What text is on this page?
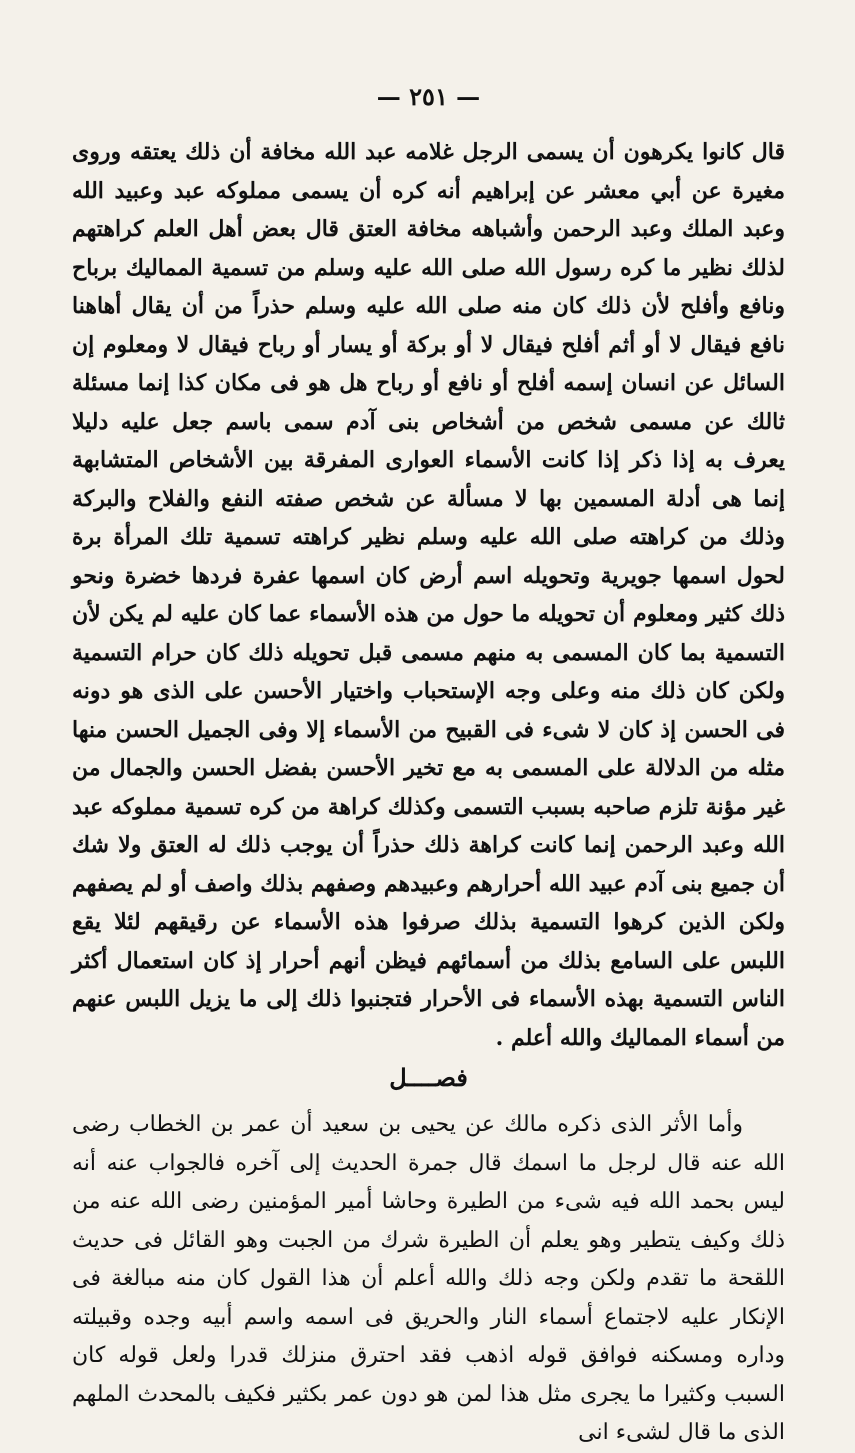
— ٢٥١ —

قال كانوا يكرهون أن يسمى الرجل غلامه عبد الله مخافة أن ذلك يعتقه وروى مغيرة عن أبي معشر عن إبراهيم أنه كره أن يسمى مملوكه عبد وعبيد الله وعبد الملك وعبد الرحمن وأشباهه مخافة العتق قال بعض أهل العلم كراهتهم لذلك نظير ما كره رسول الله صلى الله عليه وسلم من تسمية المماليك برباح ونافع وأفلح لأن ذلك كان منه صلى الله عليه وسلم حذراً من أن يقال أهاهنا نافع فيقال لا أو أثم أفلح فيقال لا أو بركة أو يسار أو رباح فيقال لا ومعلوم إن السائل عن انسان إسمه أفلح أو نافع أو رباح هل هو فى مكان كذا إنما مسئلة ثالك عن مسمى شخص من أشخاص بنى آدم سمى باسم جعل عليه دليلا يعرف به إذا ذكر إذا كانت الأسماء العوارى المفرقة بين الأشخاص المتشابهة إنما هى أدلة المسمين بها لا مسألة عن شخص صفته النفع والفلاح والبركة وذلك من كراهته صلى الله عليه وسلم نظير كراهته تسمية تلك المرأة برة لحول اسمها جويرية وتحويله اسم أرض كان اسمها عفرة فردها خضرة ونحو ذلك كثير ومعلوم أن تحويله ما حول من هذه الأسماء عما كان عليه لم يكن لأن التسمية بما كان المسمى به منهم مسمى قبل تحويله ذلك كان حرام التسمية ولكن كان ذلك منه وعلى وجه الإستحباب واختيار الأحسن على الذى هو دونه فى الحسن إذ كان لا شىء فى القبيح من الأسماء إلا وفى الجميل الحسن منها مثله من الدلالة على المسمى به مع تخير الأحسن بفضل الحسن والجمال من غير مؤنة تلزم صاحبه بسبب التسمى وكذلك كراهة من كره تسمية مملوكه عبد الله وعبد الرحمن إنما كانت كراهة ذلك حذراً أن يوجب ذلك له العتق ولا شك أن جميع بنى آدم عبيد الله أحرارهم وعبيدهم وصفهم بذلك واصف أو لم يصفهم ولكن الذين كرهوا التسمية بذلك صرفوا هذه الأسماء عن رقيقهم لئلا يقع اللبس على السامع بذلك من أسمائهم فيظن أنهم أحرار إذ كان استعمال أكثر الناس التسمية بهذه الأسماء فى الأحرار فتجنبوا ذلك إلى ما يزيل اللبس عنهم من أسماء المماليك والله أعلم .

فصــــل

وأما الأثر الذى ذكره مالك عن يحيى بن سعيد أن عمر بن الخطاب رضى الله عنه قال لرجل ما اسمك قال جمرة الحديث إلى آخره فالجواب عنه أنه ليس بحمد الله فيه شىء من الطيرة وحاشا أمير المؤمنين رضى الله عنه من ذلك وكيف يتطير وهو يعلم أن الطيرة شرك من الجبت وهو القائل فى حديث اللقحة ما تقدم ولكن وجه ذلك والله أعلم أن هذا القول كان منه مبالغة فى الإنكار عليه لاجتماع أسماء النار والحريق فى اسمه واسم أبيه وجده وقبيلته وداره ومسكنه فوافق قوله اذهب فقد احترق منزلك قدرا ولعل قوله كان السبب وكثيرا ما يجرى مثل هذا لمن هو دون عمر بكثير فكيف بالمحدث الملهم الذى ما قال لشىء انى
